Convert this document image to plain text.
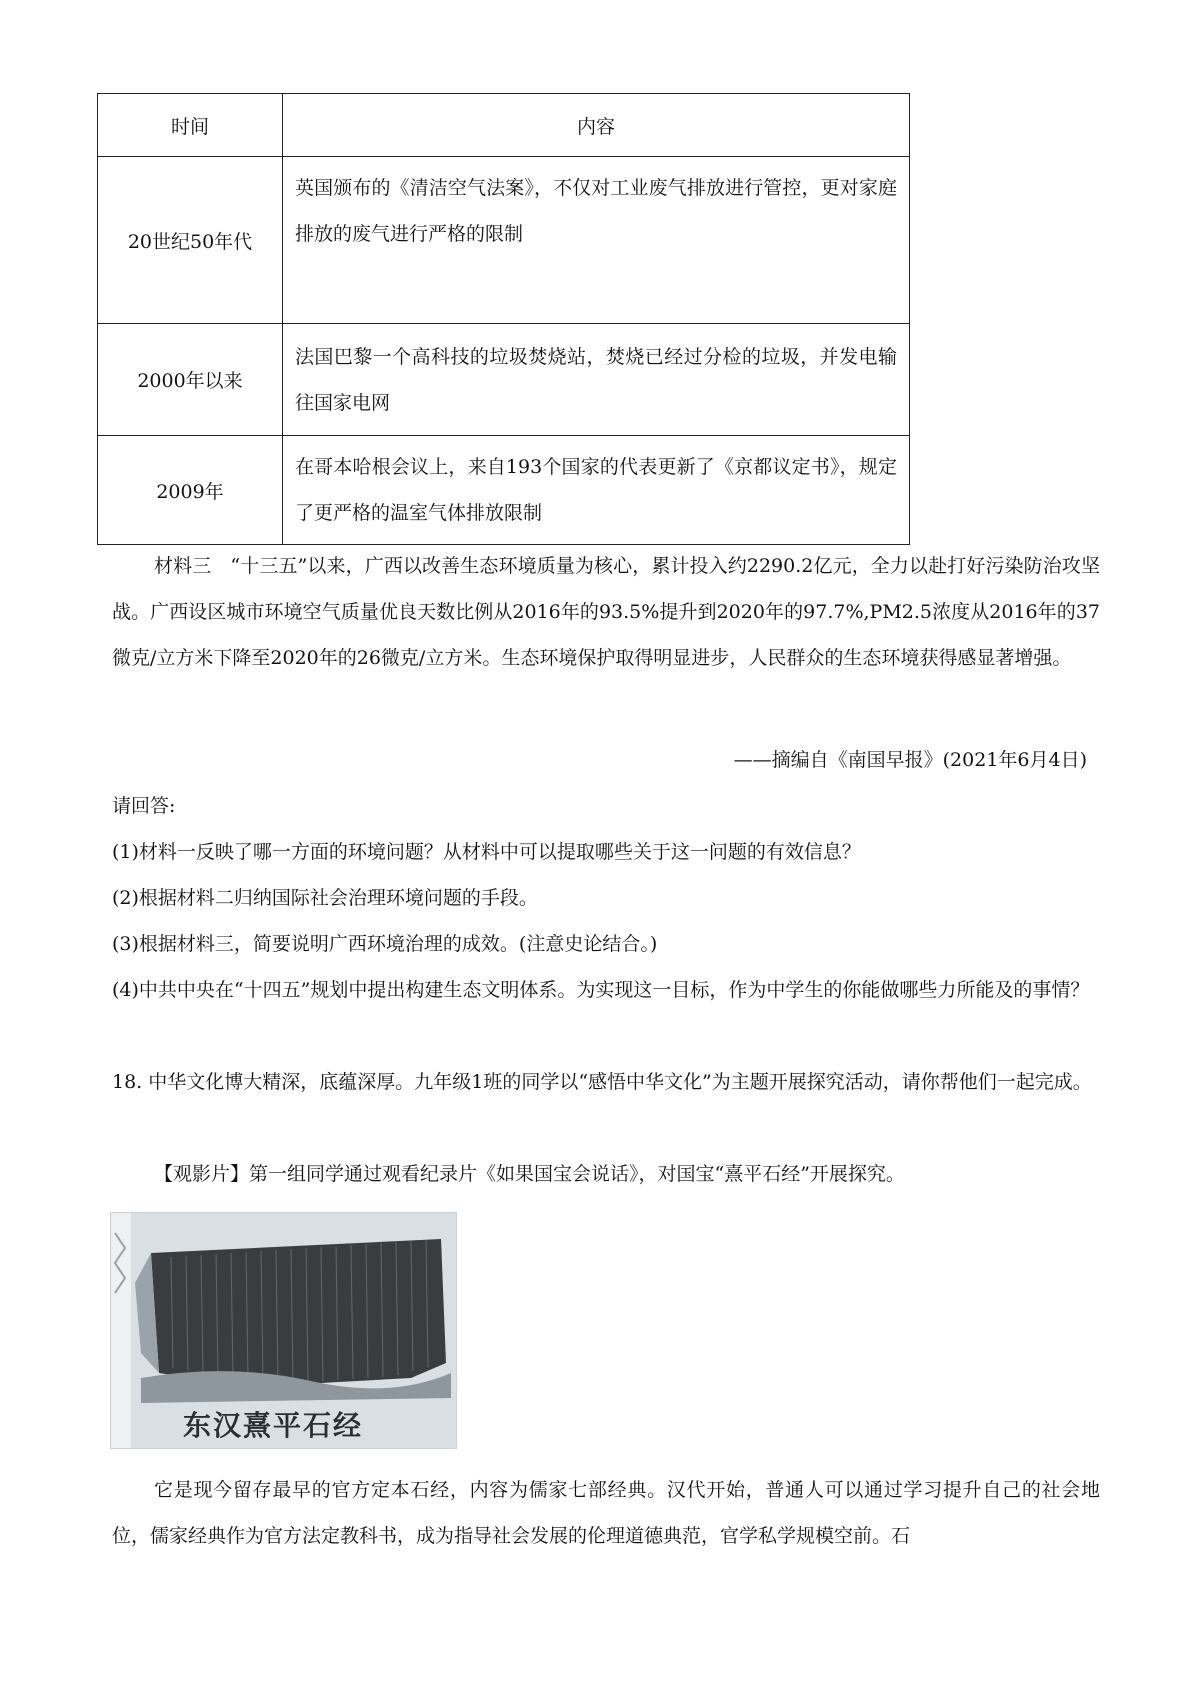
时间	内容
20世纪50年代	英国颁布的《清洁空气法案》，不仅对工业废气排放进行管控，更对家庭排放的废气进行严格的限制
2000年以来	法国巴黎一个高科技的垃圾焚烧站，焚烧已经过分检的垃圾，并发电输往国家电网
2009年	在哥本哈根会议上，来自193个国家的代表更新了《京都议定书》，规定了更严格的温室气体排放限制

材料三　“十三五”以来，广西以改善生态环境质量为核心，累计投入约2290.2亿元，全力以赴打好污染防治攻坚战。广西设区城市环境空气质量优良天数比例从2016年的93.5%提升到2020年的97.7%,PM2.5浓度从2016年的37微克/立方米下降至2020年的26微克/立方米。生态环境保护取得明显进步，人民群众的生态环境获得感显著增强。

——摘编自《南国早报》(2021年6月4日)

请回答:

(1)材料一反映了哪一方面的环境问题？从材料中可以提取哪些关于这一问题的有效信息？

(2)根据材料二归纳国际社会治理环境问题的手段。

(3)根据材料三，简要说明广西环境治理的成效。(注意史论结合。)

(4)中共中央在“十四五”规划中提出构建生态文明体系。为实现这一目标，作为中学生的你能做哪些力所能及的事情？

18. 中华文化博大精深，底蕴深厚。九年级1班的同学以“感悟中华文化”为主题开展探究活动，请你帮他们一起完成。

【观影片】第一组同学通过观看纪录片《如果国宝会说话》，对国宝“熹平石经”开展探究。

东汉熹平石经

它是现今留存最早的官方定本石经，内容为儒家七部经典。汉代开始，普通人可以通过学习提升自己的社会地位，儒家经典作为官方法定教科书，成为指导社会发展的伦理道德典范，官学私学规模空前。石
